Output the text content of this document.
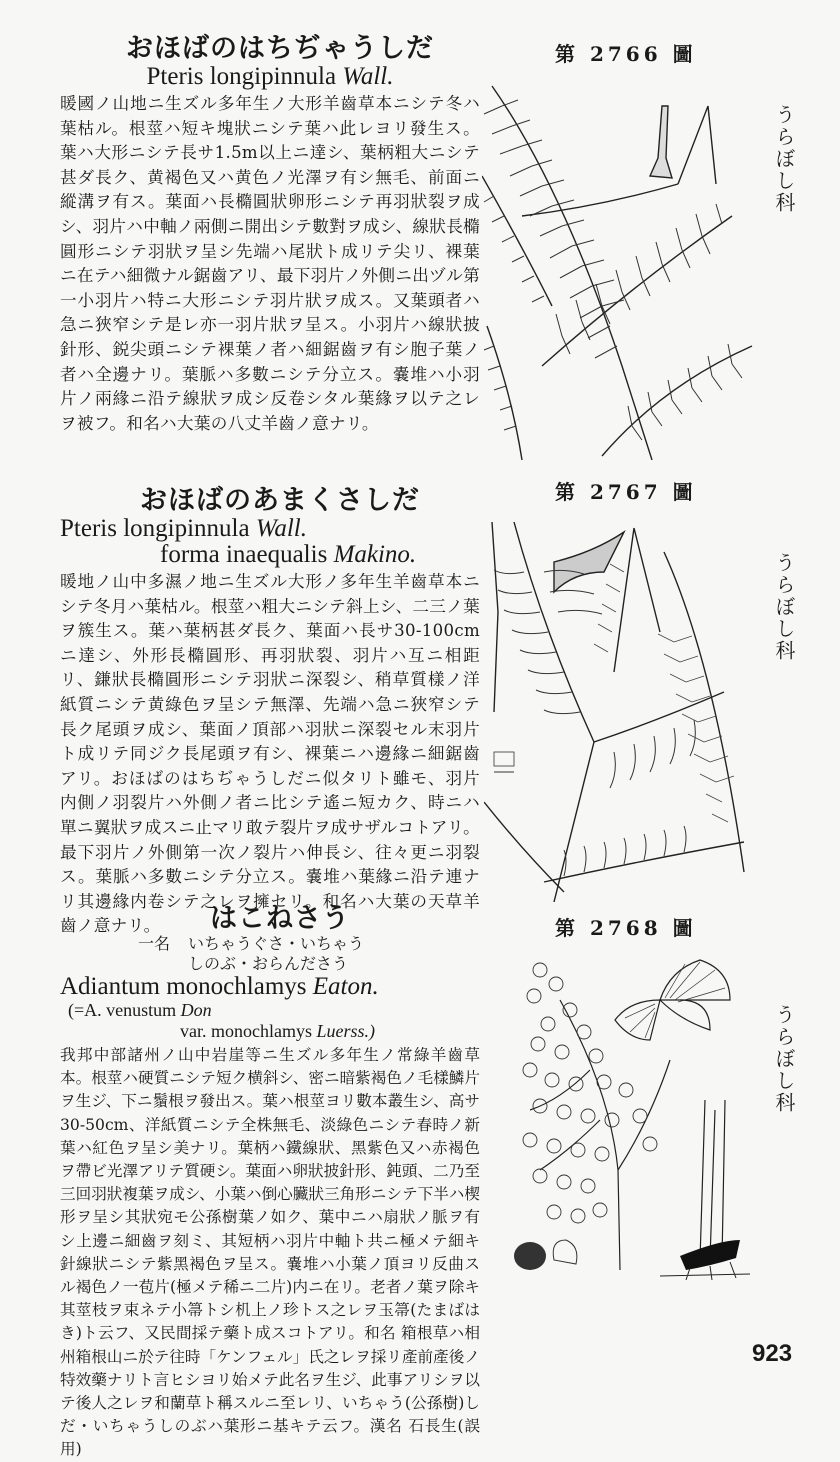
おほばのはちぢゃうしだ
Pteris longipinnula Wall.
暖國ノ山地ニ生ズル多年生ノ大形羊齒草本ニシテ冬ハ葉枯ル。根莖ハ短キ塊狀ニシテ葉ハ此レヨリ發生ス。葉ハ大形ニシテ長サ1.5m以上ニ達シ、葉柄粗大ニシテ甚ダ長ク、黄褐色又ハ黄色ノ光澤ヲ有シ無毛、前面ニ縱溝ヲ有ス。葉面ハ長橢圓狀卵形ニシテ再羽狀裂ヲ成シ、羽片ハ中軸ノ兩側ニ開出シテ數對ヲ成シ、線狀長橢圓形ニシテ羽狀ヲ呈シ先端ハ尾狀ト成リテ尖リ、裸葉ニ在テハ細微ナル鋸齒アリ、最下羽片ノ外側ニ出ヅル第一小羽片ハ特ニ大形ニシテ羽片狀ヲ成ス。又葉頭者ハ急ニ狹窄シテ是レ亦一羽片狀ヲ呈ス。小羽片ハ線狀披針形、鋭尖頭ニシテ裸葉ノ者ハ細鋸齒ヲ有シ胞子葉ノ者ハ全邊ナリ。葉脈ハ多數ニシテ分立ス。嚢堆ハ小羽片ノ兩緣ニ沿テ線狀ヲ成シ反卷シタル葉緣ヲ以テ之レヲ被フ。和名ハ大葉の八丈羊齒ノ意ナリ。
おほばのあまくさしだ
Pteris longipinnula Wall.
forma inaequalis Makino.
暖地ノ山中多濕ノ地ニ生ズル大形ノ多年生羊齒草本ニシテ冬月ハ葉枯ル。根莖ハ粗大ニシテ斜上シ、二三ノ葉ヲ簇生ス。葉ハ葉柄甚ダ長ク、葉面ハ長サ30-100cmニ達シ、外形長橢圓形、再羽狀裂、羽片ハ互ニ相距リ、鎌狀長橢圓形ニシテ羽狀ニ深裂シ、稍草質樣ノ洋紙質ニシテ黄綠色ヲ呈シテ無澤、先端ハ急ニ狹窄シテ長ク尾頭ヲ成シ、葉面ノ頂部ハ羽狀ニ深裂セル末羽片ト成リテ同ジク長尾頭ヲ有シ、裸葉ニハ邊緣ニ細鋸齒アリ。おほばのはちぢゃうしだニ似タリト雖モ、羽片内側ノ羽裂片ハ外側ノ者ニ比シテ遙ニ短カク、時ニハ單ニ翼狀ヲ成スニ止マリ敢テ裂片ヲ成サザルコトアリ。最下羽片ノ外側第一次ノ裂片ハ伸長シ、往々更ニ羽裂ス。葉脈ハ多數ニシテ分立ス。嚢堆ハ葉緣ニ沿テ連ナリ其邊緣内卷シテ之レヲ擁セリ。和名ハ大葉の天草羊齒ノ意ナリ。	はこねさう
一名 いちゃうぐさ・いちゃう
しのぶ・おらんださう
Adiantum monochlamys Eaton.
(=A. venustum Don
var. monochlamys Luerss.)
我邦中部諸州ノ山中岩崖等ニ生ズル多年生ノ常綠羊齒草本。根莖ハ硬質ニシテ短ク横斜シ、密ニ暗紫褐色ノ毛樣鱗片ヲ生ジ、下ニ鬚根ヲ發出ス。葉ハ根莖ヨリ數本叢生シ、高サ30-50cm、洋紙質ニシテ全株無毛、淡綠色ニシテ春時ノ新葉ハ紅色ヲ呈シ美ナリ。葉柄ハ鐵線狀、黑紫色又ハ赤褐色ヲ帶ビ光澤アリテ質硬シ。葉面ハ卵狀披針形、鈍頭、二乃至三回羽狀複葉ヲ成シ、小葉ハ倒心臟狀三角形ニシテ下半ハ楔形ヲ呈シ其狀宛モ公孫樹葉ノ如ク、葉中ニハ扇狀ノ脈ヲ有シ上邊ニ細齒ヲ刻ミ、其短柄ハ羽片中軸ト共ニ極メテ細キ針線狀ニシテ紫黑褐色ヲ呈ス。嚢堆ハ小葉ノ頂ヨリ反曲スル褐色ノ一苞片(極メテ稀ニ二片)内ニ在リ。老者ノ葉ヲ除キ其莖枝ヲ束ネテ小箒トシ机上ノ珍トス之レヲ玉箒(たまばはき)ト云フ、又民間採テ藥ト成スコトアリ。和名 箱根草ハ相州箱根山ニ於テ往時「ケンフェル」氏之レヲ採リ產前產後ノ特效藥ナリト言ヒシヨリ始メテ此名ヲ生ジ、此事アリシヲ以テ後人之レヲ和蘭草ト稱スルニ至レリ、いちゃう(公孫樹)しだ・いちゃうしのぶハ葉形ニ基キテ云フ。漢名 石長生(誤用)
第 2766 圖
第 2767 圖
第 2768 圖
うらぼし科
うらぼし科
うらぼし科
923
